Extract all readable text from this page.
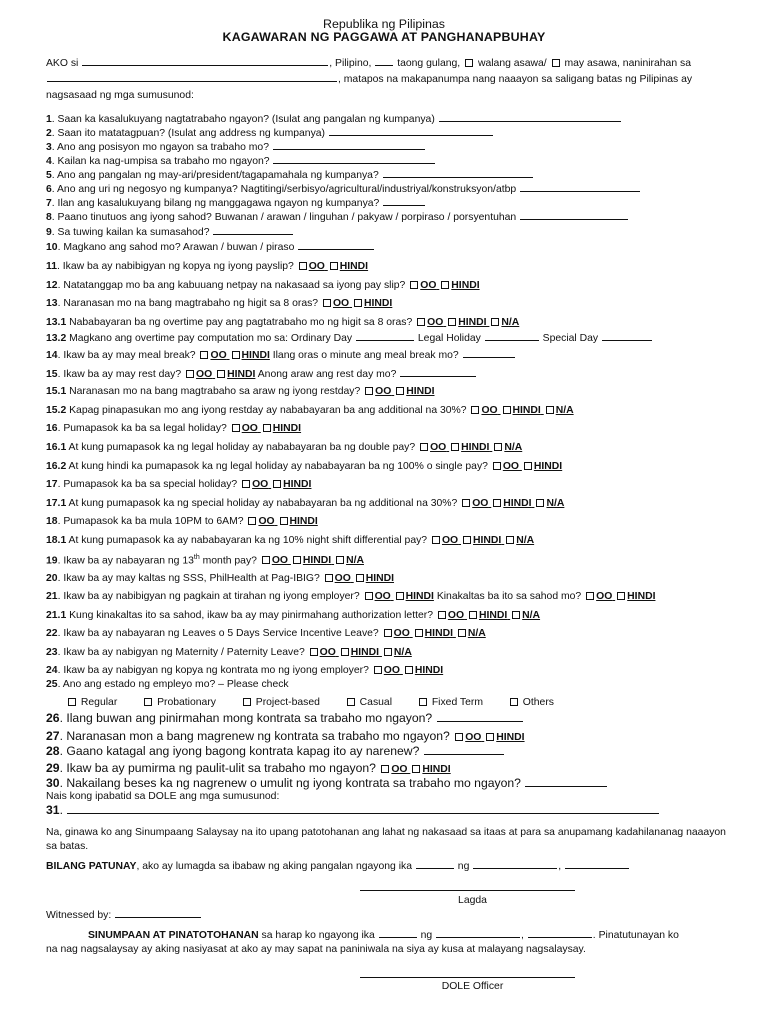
Republika ng Pilipinas
KAGAWARAN NG PAGGAWA AT PANGHANAPBUHAY
AKO si	, Pilipino, taong gulang, walang asawa/ may asawa, naninirahan sa
, matapos na makapanumpa nang naaayon sa saligang batas ng Pilipinas ay
nagsasaad ng mga sumusunod:
1. Saan ka kasalukuyang nagtatrabaho ngayon? (Isulat ang pangalan ng kumpanya)
2. Saan ito matatagpuan? (Isulat ang address ng kumpanya)
3. Ano ang posisyon mo ngayon sa trabaho mo?
4. Kailan ka nag-umpisa sa trabaho mo ngayon?
5. Ano ang pangalan ng may-ari/president/tagapamahala ng kumpanya?
6. Ano ang uri ng negosyo ng kumpanya? Nagtitingi/serbisyo/agricultural/industriyal/konstruksyon/atbp
7. Ilan ang kasalukuyang bilang ng manggagawa ngayon ng kumpanya?
8. Paano tinutuos ang iyong sahod? Buwanan / arawan / linguhan / pakyaw / porpiraso / porsyentuhan
9. Sa tuwing kailan ka sumasahod?
10. Magkano ang sahod mo? Arawan / buwan / piraso
11. Ikaw ba ay nabibigyan ng kopya ng iyong payslip? OO HINDI
12. Natatanggap mo ba ang kabuuang netpay na nakasaad sa iyong pay slip? OO HINDI
13. Naranasan mo na bang magtrabaho ng higit sa 8 oras? OO HINDI
13.1 Nababayaran ba ng overtime pay ang pagtatrabaho mo ng higit sa 8 oras? OO HINDI N/A
13.2 Magkano ang overtime pay computation mo sa: Ordinary Day	Legal Holiday	Special Day
14. Ikaw ba ay may meal break? OO HINDI Ilang oras o minute ang meal break mo?
15. Ikaw ba ay may rest day? OO HINDI Anong araw ang rest day mo?
15.1 Naranasan mo na bang magtrabaho sa araw ng iyong restday? OO HINDI
15.2 Kapag pinapasukan mo ang iyong restday ay nababayaran ba ang additional na 30%? OO HINDI N/A
16. Pumapasok ka ba sa legal holiday? OO HINDI
16.1 At kung pumapasok ka ng legal holiday ay nababayaran ba ng double pay? OO HINDI N/A
16.2 At kung hindi ka pumapasok ka ng legal holiday ay nababayaran ba ng 100% o single pay? OO HINDI
17. Pumapasok ka ba sa special holiday? OO HINDI
17.1 At kung pumapasok ka ng special holiday ay nababayaran ba ng additional na 30%? OO HINDI N/A
18. Pumapasok ka ba mula 10PM to 6AM? OO HINDI
18.1 At kung pumapasok ka ay nababayaran ka ng 10% night shift differential pay? OO HINDI N/A
19. Ikaw ba ay nabayaran ng 13th month pay? OO HINDI N/A
20. Ikaw ba ay may kaltas ng SSS, PhilHealth at Pag-IBIG? OO HINDI
21. Ikaw ba ay nabibigyan ng pagkain at tirahan ng iyong employer? OO HINDI Kinakaltas ba ito sa sahod mo? OO HINDI
21.1 Kung kinakaltas ito sa sahod, ikaw ba ay may pinirmahang authorization letter? OO HINDI N/A
22. Ikaw ba ay nabayaran ng Leaves o 5 Days Service Incentive Leave? OO HINDI N/A
23. Ikaw ba ay nabigyan ng Maternity / Paternity Leave? OO HINDI N/A
24. Ikaw ba ay nabigyan ng kopya ng kontrata mo ng iyong employer? OO HINDI
25. Ano ang estado ng empleyo mo? – Please check
Regular	Probationary	Project-based	Casual	Fixed Term	Others
26. Ilang buwan ang pinirmahan mong kontrata sa trabaho mo ngayon?
27. Naranasan mon a bang magrenew ng kontrata sa trabaho mo ngayon? OO HINDI
28. Gaano katagal ang iyong bagong kontrata kapag ito ay narenew?
29. Ikaw ba ay pumirma ng paulit-ulit sa trabaho mo ngayon? OO HINDI
30. Nakailang beses ka ng nagrenew o umulit ng iyong kontrata sa trabaho mo ngayon?
Nais kong ipabatid sa DOLE ang mga sumusunod:
31.
Na, ginawa ko ang Sinumpaang Salaysay na ito upang patotohanan ang lahat ng nakasaad sa itaas at para sa anupamang kadahilananag naaayon sa batas.
BILANG PATUNAY, ako ay lumagda sa ibabaw ng aking pangalan ngayong ika	ng	,
Lagda
Witnessed by:
SINUMPAAN AT PINATOTOHANAN sa harap ko ngayong ika	ng	,	. Pinatutunayan ko
na nag nagsalaysay ay aking nasiyasat at ako ay may sapat na paniniwala na siya ay kusa at malayang nagsalaysay.
DOLE Officer
